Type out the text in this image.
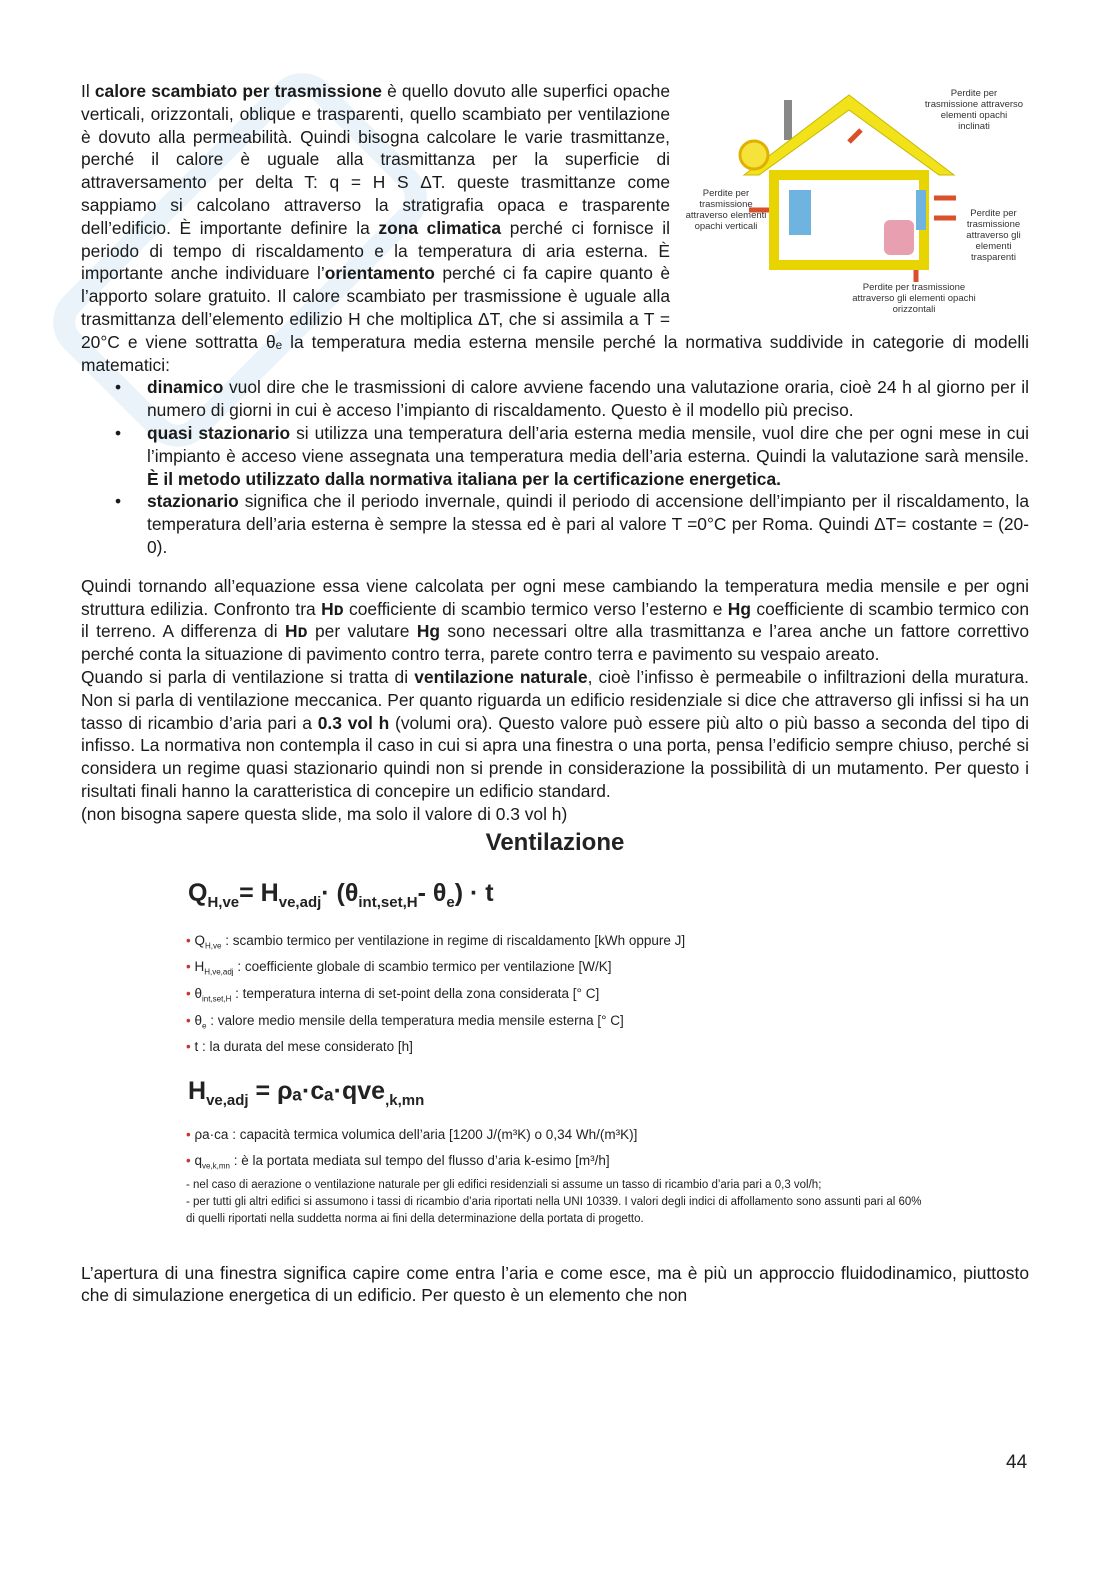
Perdite per trasmissione attraverso elementi opachi inclinati
Perdite per trasmissione attraverso elementi opachi verticali
Perdite per trasmissione attraverso gli elementi trasparenti
Perdite per trasmissione attraverso gli elementi opachi orizzontali

Il calore scambiato per trasmissione è quello dovuto alle superfici opache verticali, orizzontali, oblique e trasparenti, quello scambiato per ventilazione è dovuto alla permeabilità. Quindi bisogna calcolare le varie trasmittanze, perché il calore è uguale alla trasmittanza per la superficie di attraversamento per delta T: q = H S ΔT. queste trasmittanze come sappiamo si calcolano attraverso la stratigrafia opaca e trasparente dell’edificio. È importante definire la zona climatica perché ci fornisce il periodo di tempo di riscaldamento e la temperatura di aria esterna. È importante anche individuare l’orientamento perché ci fa capire quanto è l’apporto solare gratuito. Il calore scambiato per trasmissione è uguale alla trasmittanza dell’elemento edilizio H che moltiplica ΔT, che si assimila a T = 20°C e viene sottratta θₑ la temperatura media esterna mensile perché la normativa suddivide in categorie di modelli matematici:

• dinamico vuol dire che le trasmissioni di calore avviene facendo una valutazione oraria, cioè 24 h al giorno per il numero di giorni in cui è acceso l’impianto di riscaldamento. Questo è il modello più preciso.
• quasi stazionario si utilizza una temperatura dell’aria esterna media mensile, vuol dire che per ogni mese in cui l’impianto è acceso viene assegnata una temperatura media dell’aria esterna. Quindi la valutazione sarà mensile. È il metodo utilizzato dalla normativa italiana per la certificazione energetica.
• stazionario significa che il periodo invernale, quindi il periodo di accensione dell’impianto per il riscaldamento, la temperatura dell’aria esterna è sempre la stessa ed è pari al valore T =0°C per Roma. Quindi ΔT= costante = (20-0).

Quindi tornando all’equazione essa viene calcolata per ogni mese cambiando la temperatura media mensile e per ogni struttura edilizia. Confronto tra Hᴅ coefficiente di scambio termico verso l’esterno e Hg coefficiente di scambio termico con il terreno. A differenza di Hᴅ per valutare Hg sono necessari oltre alla trasmittanza e l’area anche un fattore correttivo perché conta la situazione di pavimento contro terra, parete contro terra e pavimento su vespaio areato.

Quando si parla di ventilazione si tratta di ventilazione naturale, cioè l’infisso è permeabile o infiltrazioni della muratura. Non si parla di ventilazione meccanica. Per quanto riguarda un edificio residenziale si dice che attraverso gli infissi si ha un tasso di ricambio d’aria pari a 0.3 vol h (volumi ora). Questo valore può essere più alto o più basso a seconda del tipo di infisso. La normativa non contempla il caso in cui si apra una finestra o una porta, pensa l’edificio sempre chiuso, perché si considera un regime quasi stazionario quindi non si prende in considerazione la possibilità di un mutamento. Per questo i risultati finali hanno la caratteristica di concepire un edificio standard.

(non bisogna sapere questa slide, ma solo il valore di 0.3 vol h)

Ventilazione
$Q_{H,ve}= H_{ve,adj}\cdot (\theta_{int,set,H}-$ $\theta_e) \cdot t$
• $Q_{H,ve}$ : scambio termico per ventilazione in regime di riscaldamento [kWh oppure J]
• $H_{H,ve,adj}$ : coefficiente globale di scambio termico per ventilazione [W/K]
• $\theta_{int,set,H}$ : temperatura interna di set-point della zona considerata [° C]
• $\theta_e$ : valore medio mensile della temperatura media mensile esterna [° C]
• t : la durata del mese considerato [h]
$H_{ve,adj} = \rho_a\cdot c_a\cdot qve_{,k,mn}$
• ρa·ca : capacità termica volumica dell’aria [1200 J/(m³K) o 0,34 Wh/(m³K)]
• $q_{ve,k,mn}$ : è la portata mediata sul tempo del flusso d’aria k-esimo [m³/h]
- nel caso di aerazione o ventilazione naturale per gli edifici residenziali si assume un tasso di ricambio d’aria pari a 0,3 vol/h;
- per tutti gli altri edifici si assumono i tassi di ricambio d’aria riportati nella UNI 10339. I valori degli indici di affollamento sono assunti pari al 60% di quelli riportati nella suddetta norma ai fini della determinazione della portata di progetto.

L’apertura di una finestra significa capire come entra l’aria e come esce, ma è più un approccio fluidodinamico, piuttosto che di simulazione energetica di un edificio. Per questo è un elemento che non

44
